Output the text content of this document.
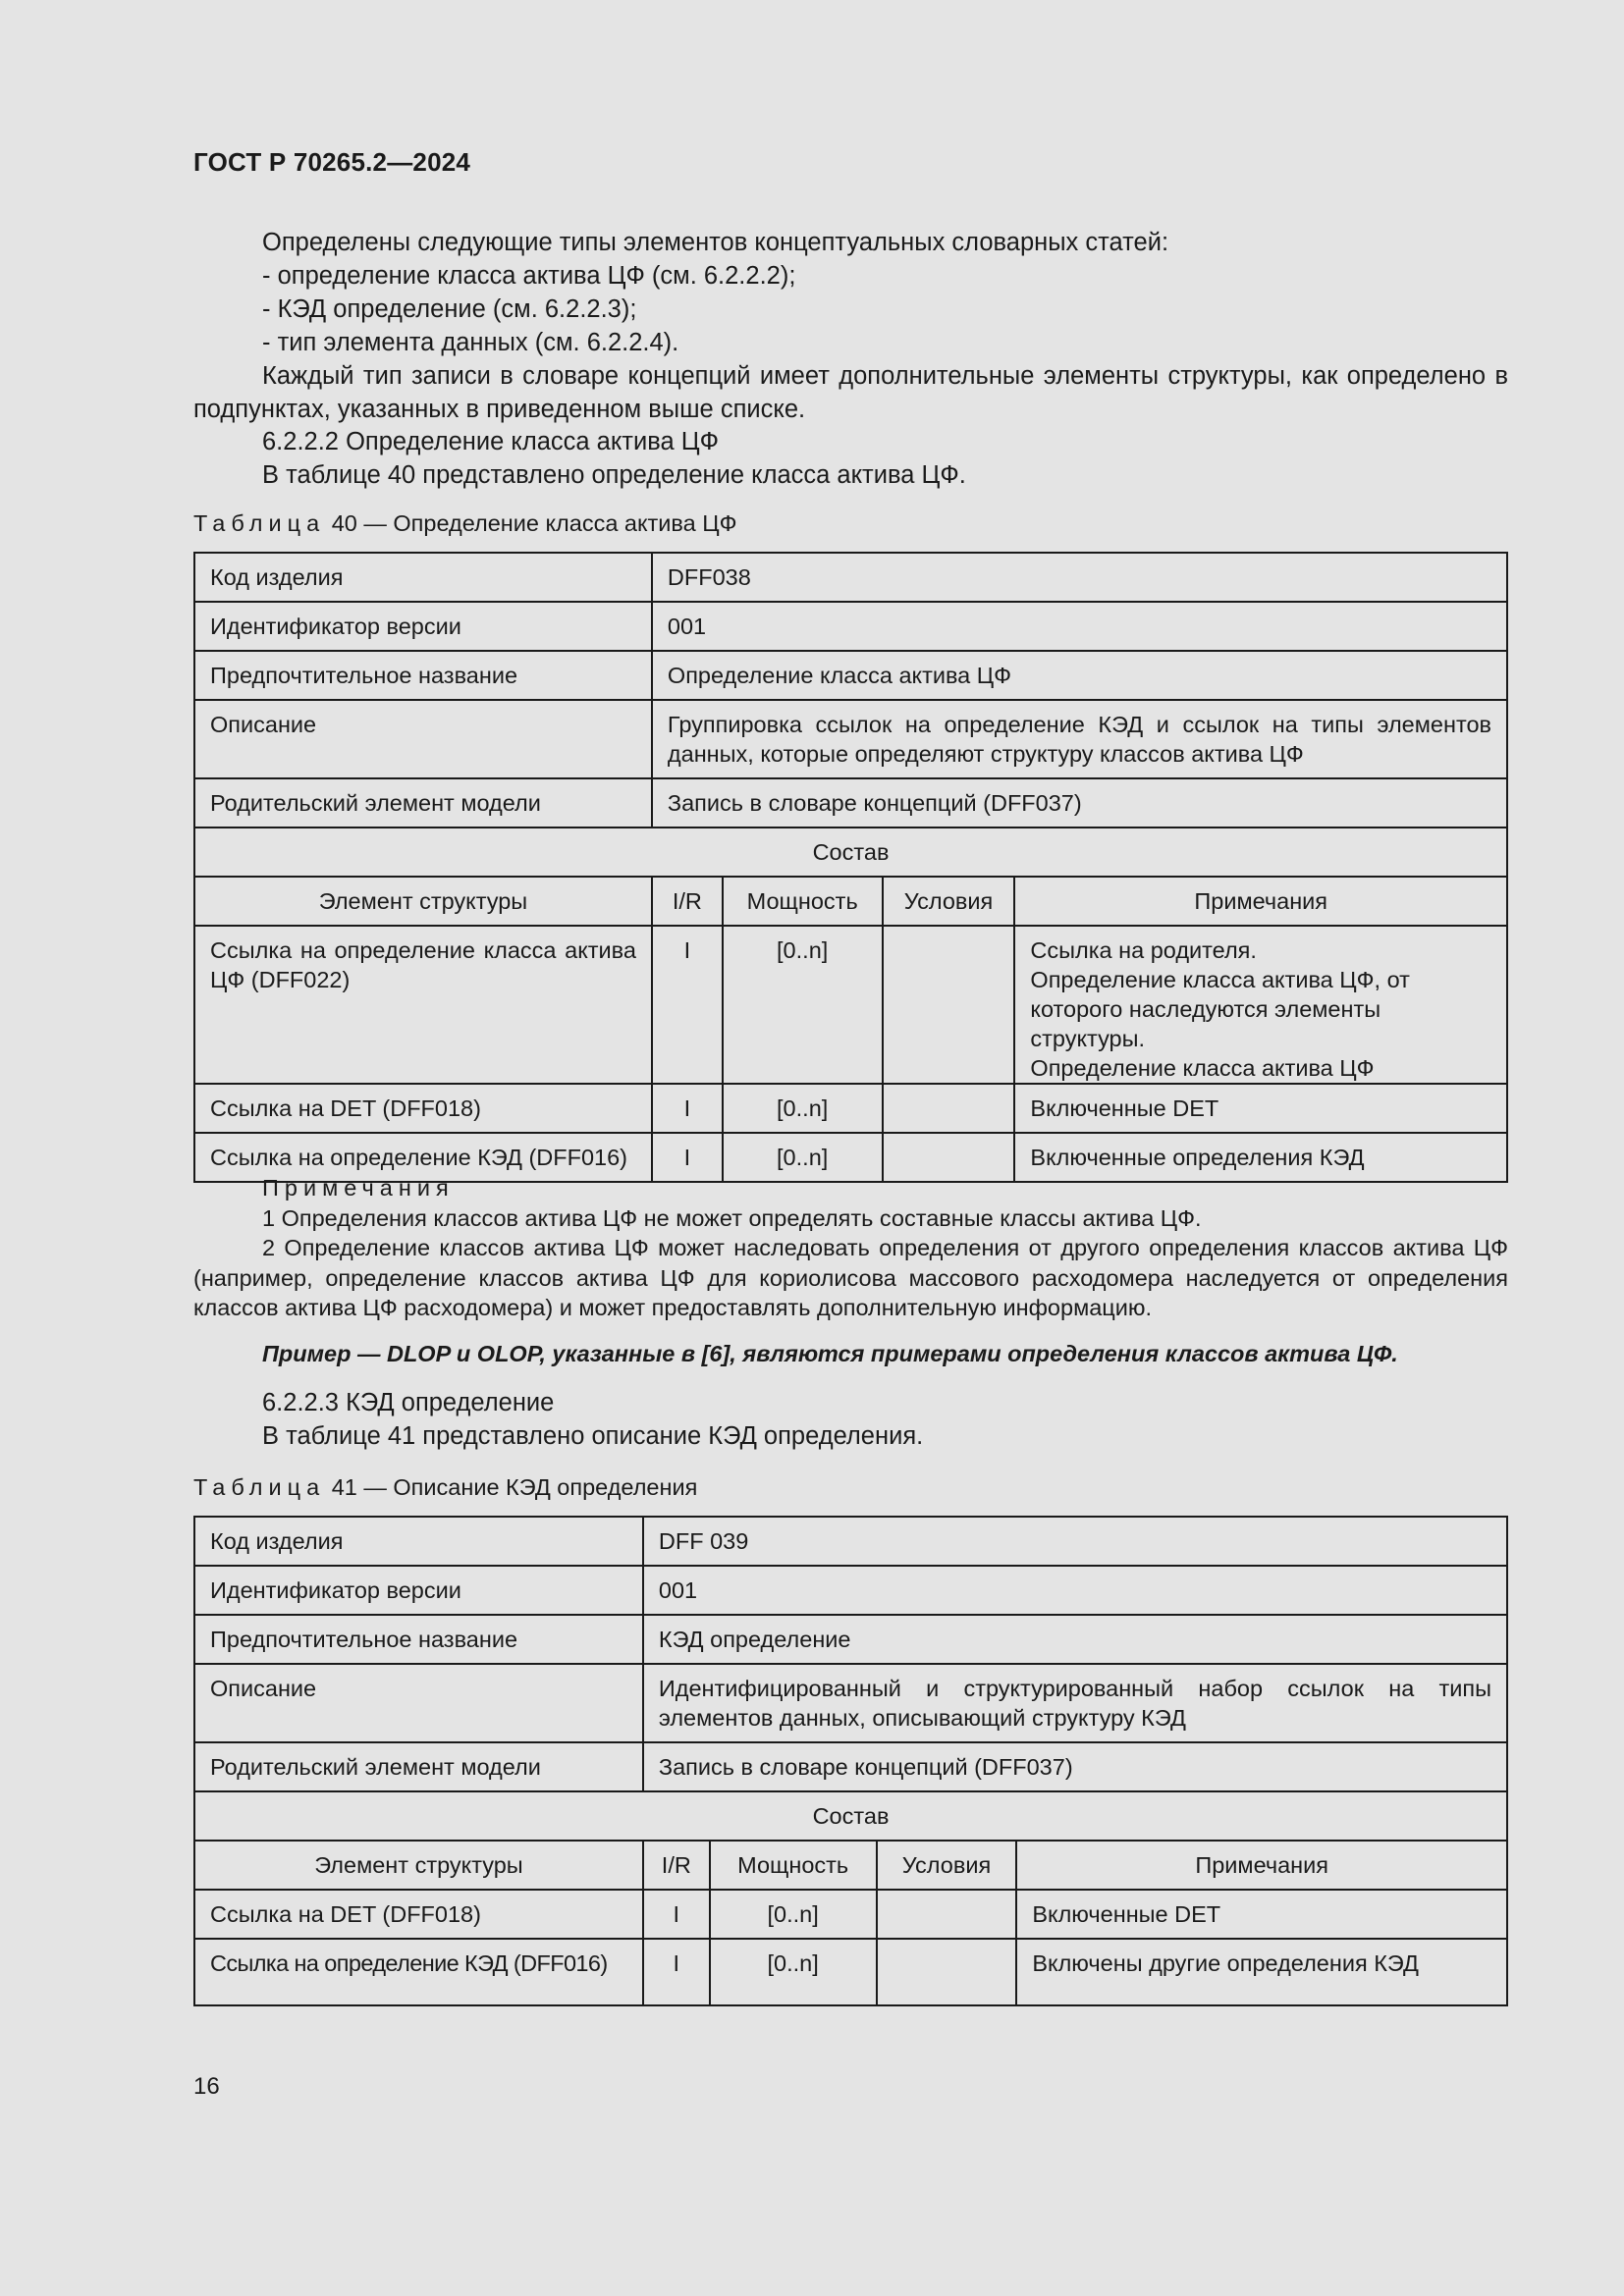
ГОСТ Р 70265.2—2024
Определены следующие типы элементов концептуальных словарных статей:
- определение класса актива ЦФ (см. 6.2.2.2);
- КЭД определение (см. 6.2.2.3);
- тип элемента данных (см. 6.2.2.4).
Каждый тип записи в словаре концепций имеет дополнительные элементы структуры, как определено в подпунктах, указанных в приведенном выше списке.
6.2.2.2 Определение класса актива ЦФ
В таблице 40 представлено определение класса актива ЦФ.
Таблица 40 — Определение класса актива ЦФ
Код изделия	DFF038			
Идентификатор версии	001			
Предпочтительное название	Определение класса актива ЦФ			
Описание	Группировка ссылок на определение КЭД и ссылок на типы элементов данных, которые определяют структуру классов актива ЦФ			
Родительский элемент модели	Запись в словаре концепций (DFF037)			
Состав				
Элемент структуры	I/R	Мощность	Условия	Примечания
Ссылка на определение класса актива ЦФ (DFF022)	I	[0..n]		Ссылка на родителя.
Определение класса актива ЦФ, от которого наследуются элементы структуры.
Определение класса актива ЦФ

Ссылка на DET (DFF018)	I	[0..n]		Включенные DET
Ссылка на определение КЭД (DFF016)	I	[0..n]		Включенные определения КЭД
Примечания
1 Определения классов актива ЦФ не может определять составные классы актива ЦФ.
2 Определение классов актива ЦФ может наследовать определения от другого определения классов актива ЦФ (например, определение классов актива ЦФ для кориолисова массового расходомера наследуется от определения классов актива ЦФ расходомера) и может предоставлять дополнительную информацию.
Пример — DLOP и OLOP, указанные в [6], являются примерами определения классов актива ЦФ.
6.2.2.3 КЭД определение
В таблице 41 представлено описание КЭД определения.
Таблица 41 — Описание КЭД определения
Код изделия	DFF 039			
Идентификатор версии	001			
Предпочтительное название	КЭД определение			
Описание	Идентифицированный и структурированный набор ссылок на типы элементов данных, описывающий структуру КЭД			
Родительский элемент модели	Запись в словаре концепций (DFF037)			
Состав				
Элемент структуры	I/R	Мощность	Условия	Примечания
Ссылка на DET (DFF018)	I	[0..n]		Включенные DET
Ссылка на определение КЭД (DFF016)	I	[0..n]		Включены другие определения КЭД
16
